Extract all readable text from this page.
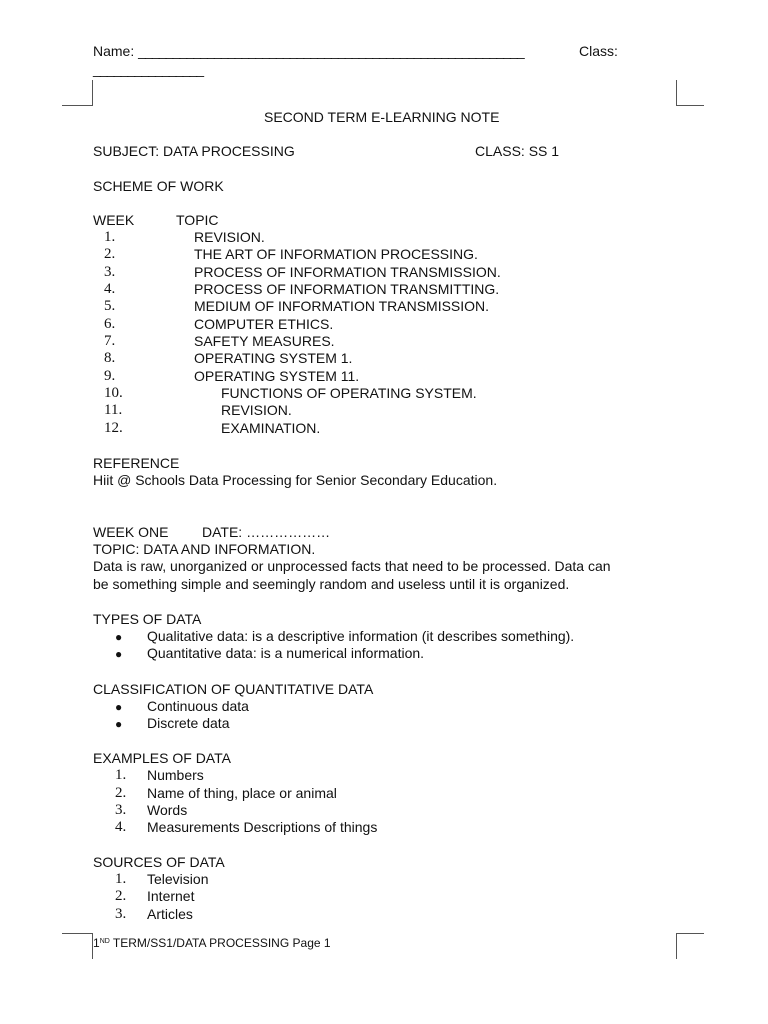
Name: ________________________________________________________	Class:
________________
SECOND TERM E-LEARNING NOTE
SUBJECT: DATA PROCESSING	CLASS: SS 1
SCHEME OF WORK
WEEK	TOPIC
1.	REVISION.
2.	THE ART OF INFORMATION PROCESSING.
3.	PROCESS OF INFORMATION TRANSMISSION.
4.	PROCESS OF INFORMATION TRANSMITTING.
5.	MEDIUM OF INFORMATION TRANSMISSION.
6.	COMPUTER ETHICS.
7.	SAFETY MEASURES.
8.	OPERATING SYSTEM 1.
9.	OPERATING SYSTEM 11.
10.	FUNCTIONS OF OPERATING SYSTEM.
11.	REVISION.
12.	EXAMINATION.
REFERENCE
Hiit @ Schools Data Processing for Senior Secondary Education.
WEEK ONE DATE: ………………
TOPIC: DATA AND INFORMATION.
Data is raw, unorganized or unprocessed facts that need to be processed. Data can
be something simple and seemingly random and useless until it is organized.
TYPES OF DATA
● Qualitative data: is a descriptive information (it describes something).
● Quantitative data: is a numerical information.
CLASSIFICATION OF QUANTITATIVE DATA
● Continuous data
● Discrete data
EXAMPLES OF DATA
1. Numbers
2. Name of thing, place or animal
3. Words
4. Measurements Descriptions of things
SOURCES OF DATA
1. Television
2. Internet
3. Articles
1ND TERM/SS1/DATA PROCESSING Page 1
